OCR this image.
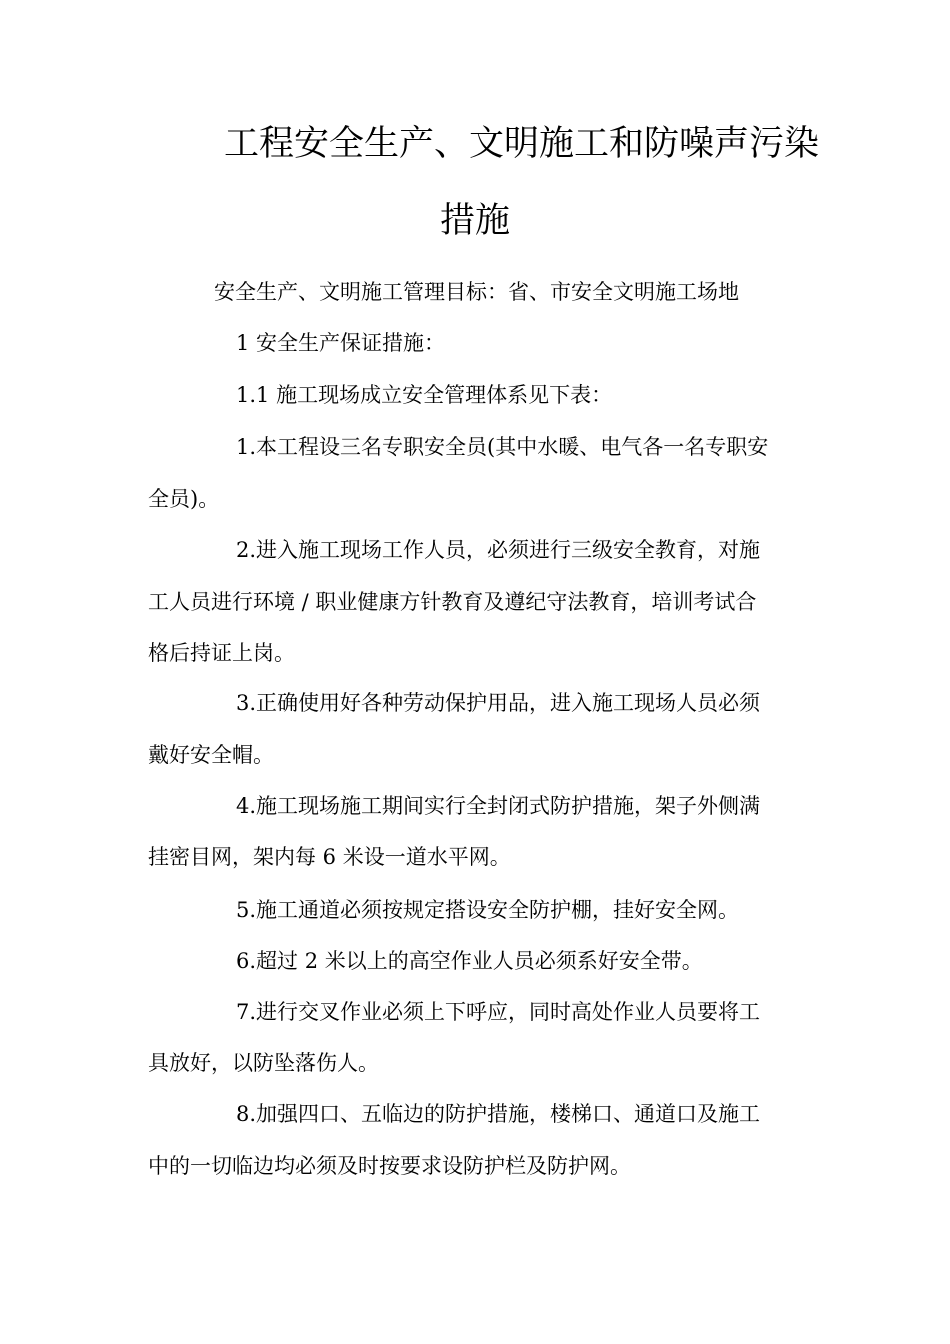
工程安全生产、文明施工和防噪声污染
措施

安全生产、文明施工管理目标：省、市安全文明施工场地

1 安全生产保证措施：

1.1 施工现场成立安全管理体系见下表：

1.本工程设三名专职安全员(其中水暖、电气各一名专职安

全员)。

2.进入施工现场工作人员，必须进行三级安全教育，对施

工人员进行环境 / 职业健康方针教育及遵纪守法教育，培训考试合

格后持证上岗。

3.正确使用好各种劳动保护用品，进入施工现场人员必须

戴好安全帽。

4.施工现场施工期间实行全封闭式防护措施，架子外侧满

挂密目网，架内每 6 米设一道水平网。

5.施工通道必须按规定搭设安全防护棚，挂好安全网。

6.超过 2 米以上的高空作业人员必须系好安全带。

7.进行交叉作业必须上下呼应，同时高处作业人员要将工

具放好，以防坠落伤人。

8.加强四口、五临边的防护措施，楼梯口、通道口及施工

中的一切临边均必须及时按要求设防护栏及防护网。
